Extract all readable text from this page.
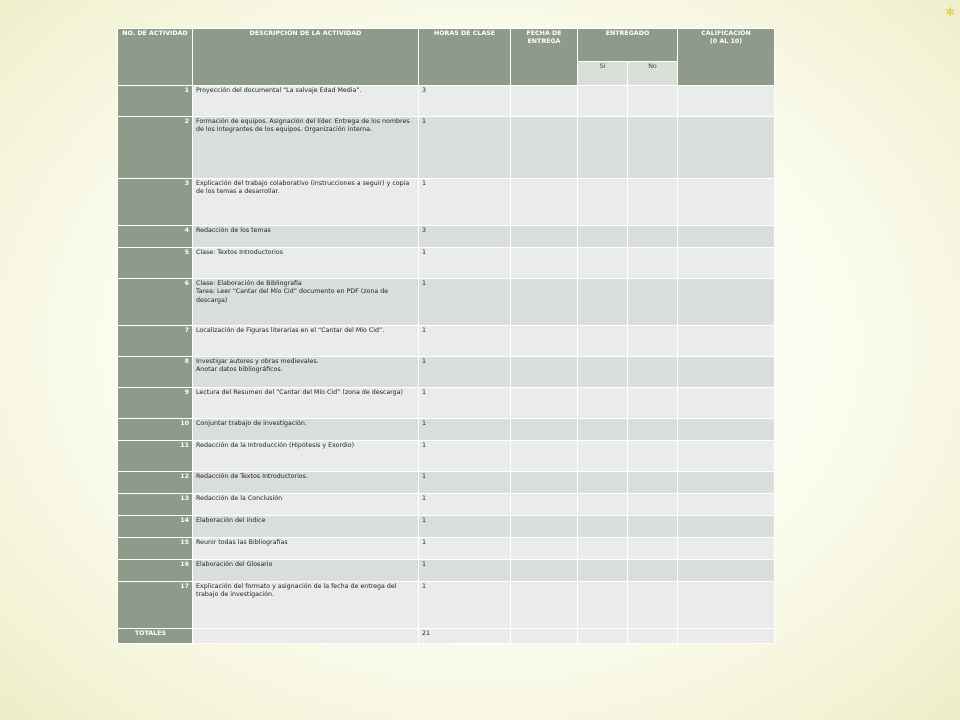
✱
NO. DE ACTIVIDAD	DESCRIPCIÓN DE LA ACTIVIDAD	HORAS DE CLASE	FECHA DE ENTREGA	ENTREGADO		CALIFICACIÓN
(0 AL 10)

				Sí	No	
1	Proyección del documental “La salvaje Edad Media”.	3				
2	Formación de equipos. Asignación del líder. Entrega de los nombres de los integrantes de los equipos. Organización interna.	1				
3	Explicación del trabajo colaborativo (instrucciones a seguir) y copia de los temas a desarrollar.	1				
4	Redacción de los temas	3				
5	Clase: Textos Introductorios	1				
6	Clase: Elaboración de Bibliografía
Tarea: Leer “Cantar del Mío Cid” documento en PDF (zona de descarga)	1				
7	Localización de Figuras literarias en el “Cantar del Mío Cid”.	1				
8	Investigar autores y obras medievales.
Anotar datos bibliográficos.	1				
9	Lectura del Resumen del “Cantar del Mío Cid” (zona de descarga)	1				
10	Conjuntar trabajo de investigación.	1				
11	Redacción de la Introducción (Hipótesis y Exordio)	1				
12	Redacción de Textos Introductorios.	1				
13	Redacción de la Conclusión	1				
14	Elaboración del índice	1				
15	Reunir todas las Bibliografías	1				
16	Elaboración del Glosario	1				
17	Explicación del formato y asignación de la fecha de entrega del trabajo de investigación.	1				
TOTALES		21				
